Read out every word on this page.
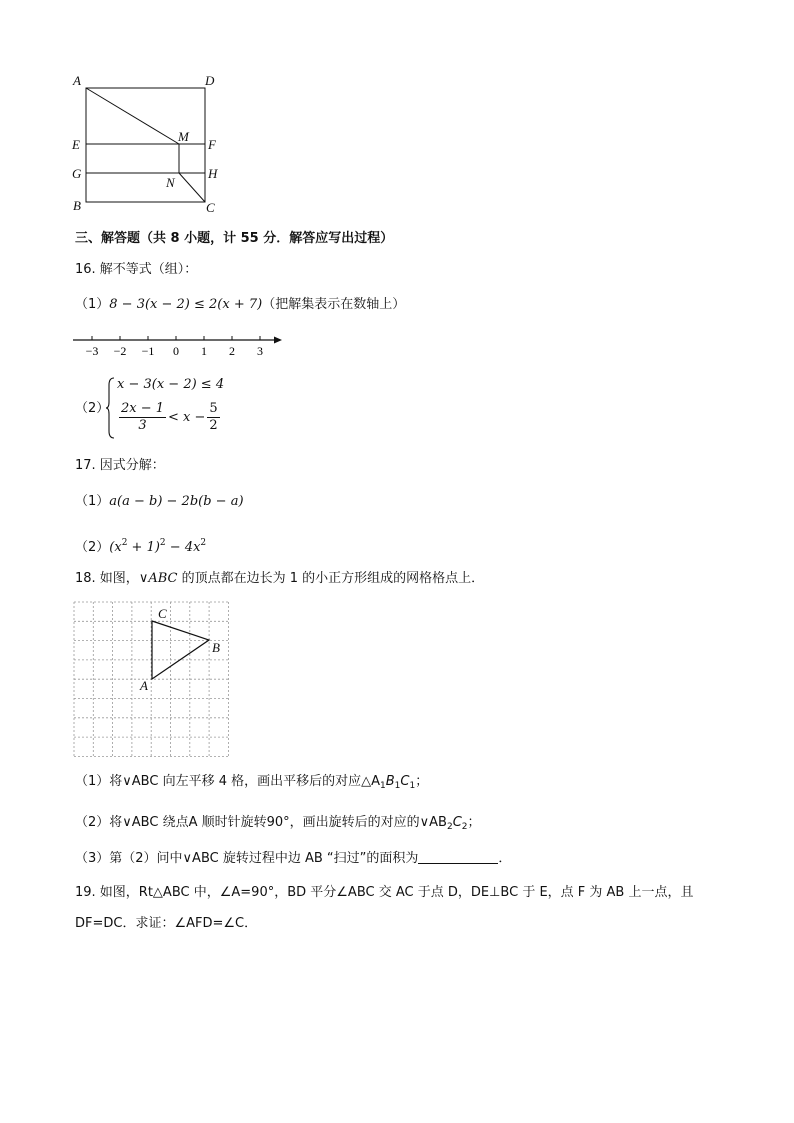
A	D
E	F
G	H
B	C
M
N
三、解答题（共 8 小题，计 55 分．解答应写出过程）
16. 解不等式（组）：
（1）8 − 3(x − 2) ≤ 2(x + 7)（把解集表示在数轴上）
−3 −2 −1 0 1 2 3
（2）
x − 3(x − 2) ≤ 4
$\frac{2x - 1}{3} < x - \frac{5}{2}$
17. 因式分解：
（1）a(a − b) − 2b(b − a)
$(2)(x^2 + 1)^2 - 4x^2$
18. 如图，∨ABC 的顶点都在边长为 1 的小正方形组成的网格格点上．
C
B
A
（1）将∨ABC 向左平移 4 格，画出平移后的对应$\triangle A_1B_1C_1$；
（2）将∨ABC 绕点A 顺时针旋转90°，画出旋转后的对应的$\vee AB_2C_2$；
（3）第（2）问中∨ABC 旋转过程中边 AB “扫过”的面积为	．
19. 如图，Rt△ABC 中，∠A=90°，BD 平分∠ABC 交 AC 于点 D，DE⊥BC 于 E，点 F 为 AB 上一点，且
DF=DC．求证：∠AFD=∠C．
